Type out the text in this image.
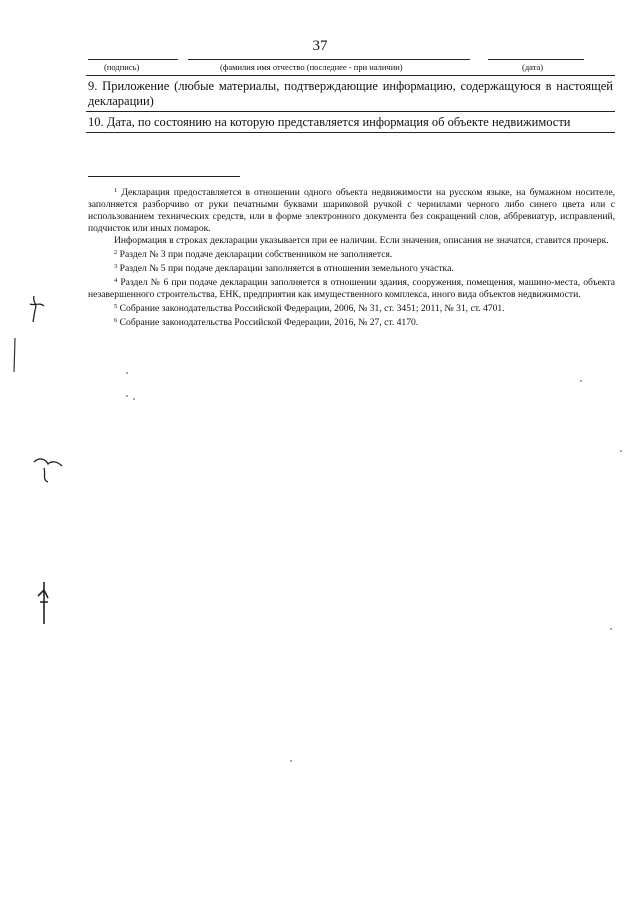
37
(подпись)	(фамилия имя отчество (последнее - при наличии)	(дата)
9. Приложение (любые материалы, подтверждающие информацию, содержащуюся в настоящей декларации)
10. Дата, по состоянию на которую представляется информация об объекте недвижимости

$^1$ Декларация предоставляется в отношении одного объекта недвижимости на русском языке, на бумажном носителе, заполняется разборчиво от руки печатными буквами шариковой ручкой с чернилами черного либо синего цвета или с использованием технических средств, или в форме электронного документа без сокращений слов, аббревиатур, исправлений, подчисток или иных помарок.

Информация в строках декларации указывается при ее наличии. Если значения, описания не значатся, ставится прочерк.

$^2$ Раздел № 3 при подаче декларации собственником не заполняется.

$^3$ Раздел № 5 при подаче декларации заполняется в отношении земельного участка.

$^4$ Раздел № 6 при подаче декларации заполняется в отношении здания, сооружения, помещения, машино-места, объекта незавершенного строительства, ЕНК, предприятия как имущественного комплекса, иного вида объектов недвижимости.

$^5$ Собрание законодательства Российской Федерации, 2006, № 31, ст. 3451; 2011, № 31, ст. 4701.

$^6$ Собрание законодательства Российской Федерации, 2016, № 27, ст. 4170.
